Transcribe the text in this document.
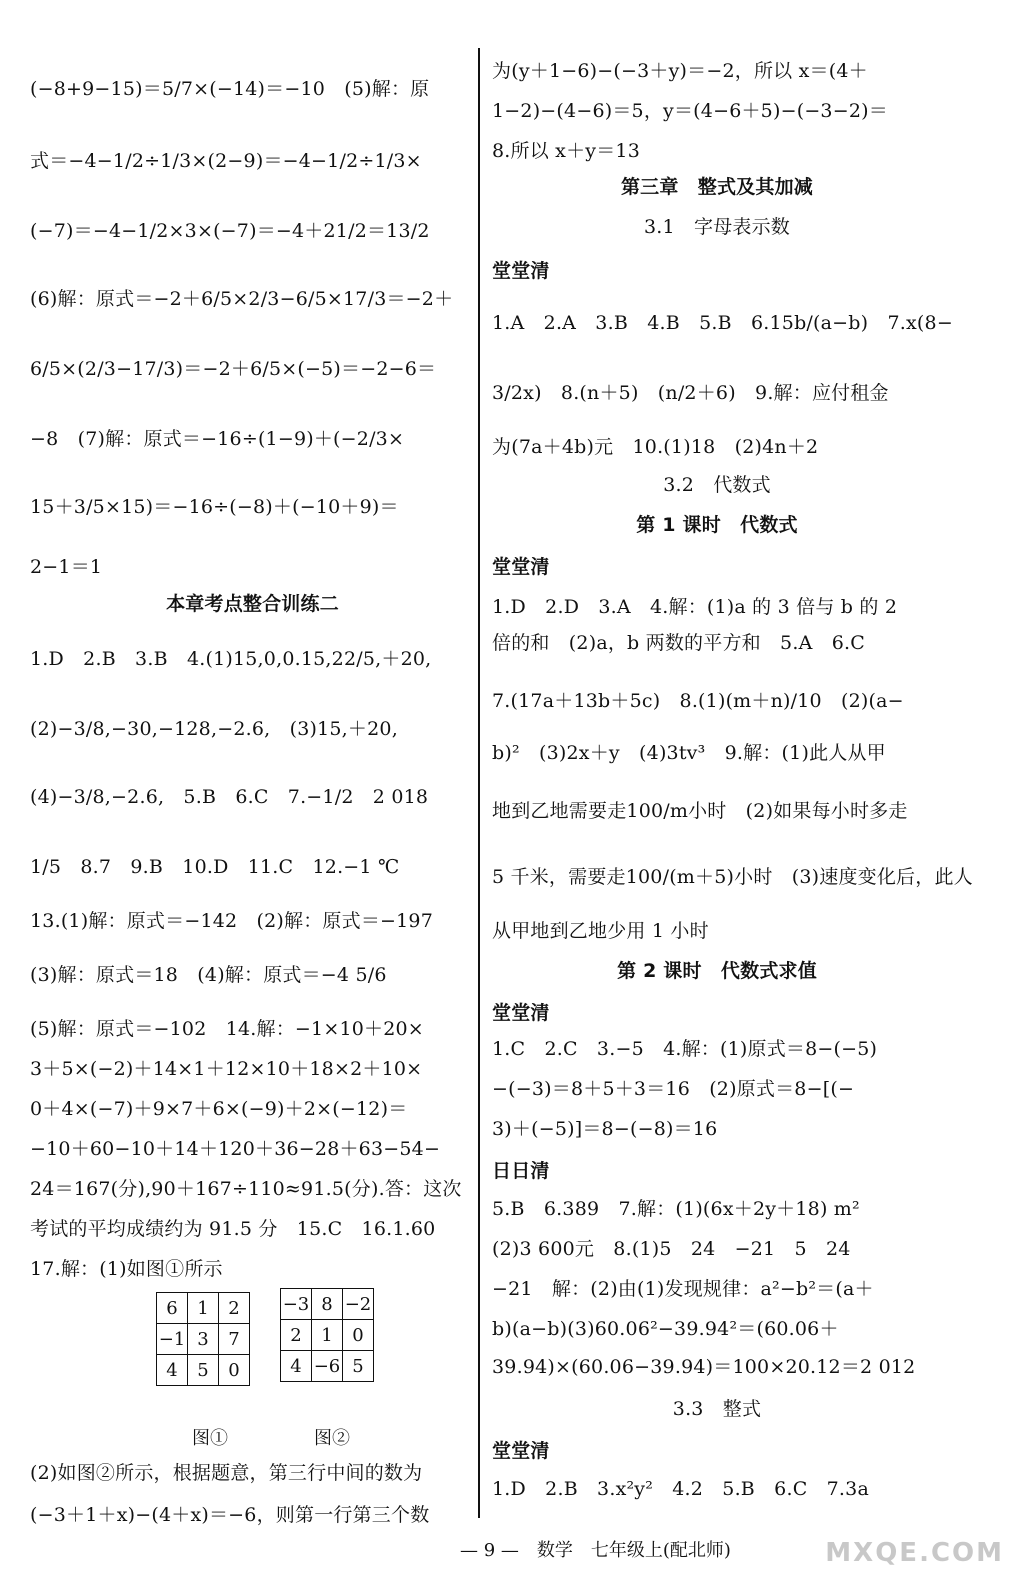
(−8+9−15)＝5/7×(−14)＝−10　(5)解：原
式＝−4−1/2÷1/3×(2−9)＝−4−1/2÷1/3×
(−7)＝−4−1/2×3×(−7)＝−4＋21/2＝13/2
(6)解：原式＝−2＋6/5×2/3−6/5×17/3＝−2＋
6/5×(2/3−17/3)＝−2＋6/5×(−5)＝−2−6＝
−8　(7)解：原式＝−16÷(1−9)＋(−2/3×
15＋3/5×15)＝−16÷(−8)＋(−10＋9)＝
2−1＝1
本章考点整合训练二
1.D　2.B　3.B　4.(1)15,0,0.15,22/5,＋20,
(2)−3/8,−30,−128,−2.6,　(3)15,＋20,
(4)−3/8,−2.6,　5.B　6.C　7.−1/2　2 018
1/5　8.7　9.B　10.D　11.C　12.−1 ℃
13.(1)解：原式＝−142　(2)解：原式＝−197
(3)解：原式＝18　(4)解：原式＝−4 5/6
(5)解：原式＝−102　14.解：−1×10＋20×
3＋5×(−2)＋14×1＋12×10＋18×2＋10×
0＋4×(−7)＋9×7＋6×(−9)＋2×(−12)＝
−10＋60−10＋14＋120＋36−28＋63−54−
24＝167(分),90＋167÷110≈91.5(分).答：这次
考试的平均成绩约为 91.5 分　15.C　16.1.60
17.解：(1)如图①所示
6	1	2
−1	3	7
4	5	0
−3	8	−2
2	1	0
4	−6	5
图①	图②
(2)如图②所示，根据题意，第三行中间的数为
(−3＋1＋x)−(4＋x)＝−6，则第一行第三个数
为(y＋1−6)−(−3＋y)＝−2，所以 x＝(4＋
1−2)−(4−6)＝5，y＝(4−6＋5)−(−3−2)＝
8.所以 x＋y＝13
第三章　整式及其加减
3.1　字母表示数
堂堂清
1.A　2.A　3.B　4.B　5.B　6.15b/(a−b)　7.x(8−
3/2x)　8.(n＋5)　(n/2＋6)　9.解：应付租金
为(7a＋4b)元　10.(1)18　(2)4n＋2
3.2　代数式
第 1 课时　代数式
堂堂清
1.D　2.D　3.A　4.解：(1)a 的 3 倍与 b 的 2
倍的和　(2)a，b 两数的平方和　5.A　6.C
7.(17a＋13b＋5c)　8.(1)(m＋n)/10　(2)(a−
b)²　(3)2x＋y　(4)3tv³　9.解：(1)此人从甲
地到乙地需要走100/m小时　(2)如果每小时多走
5 千米，需要走100/(m＋5)小时　(3)速度变化后，此人
从甲地到乙地少用 1 小时
第 2 课时　代数式求值
堂堂清
1.C　2.C　3.−5　4.解：(1)原式＝8−(−5)
−(−3)＝8＋5＋3＝16　(2)原式＝8−[(−
3)＋(−5)]＝8−(−8)＝16
日日清
5.B　6.389　7.解：(1)(6x＋2y＋18) m²
(2)3 600元　8.(1)5　24　−21　5　24
−21　解：(2)由(1)发现规律：a²−b²＝(a＋
b)(a−b)(3)60.06²−39.94²＝(60.06＋
39.94)×(60.06−39.94)＝100×20.12＝2 012
3.3　整式
堂堂清
1.D　2.B　3.x²y²　4.2　5.B　6.C　7.3a
— 9 —　数学　七年级上(配北师)	MXQE.COM
